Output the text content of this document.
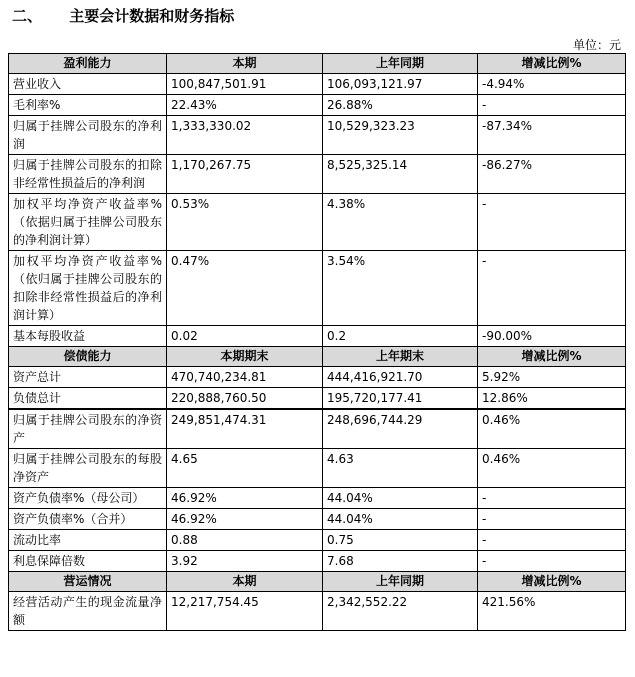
二、 主要会计数据和财务指标
单位：元
盈利能力	本期	上年同期	增减比例%
营业收入	100,847,501.91	106,093,121.97	-4.94%
毛利率%	22.43%	26.88%	-
归属于挂牌公司股东的净利润	1,333,330.02	10,529,323.23	-87.34%
归属于挂牌公司股东的扣除非经常性损益后的净利润	1,170,267.75	8,525,325.14	-86.27%
加权平均净资产收益率%（依据归属于挂牌公司股东的净利润计算）	0.53%	4.38%	-
加权平均净资产收益率%（依归属于挂牌公司股东的扣除非经常性损益后的净利润计算）	0.47%	3.54%	-
基本每股收益	0.02	0.2	-90.00%
偿债能力	本期期末	上年期末	增减比例%
资产总计	470,740,234.81	444,416,921.70	5.92%
负债总计	220,888,760.50	195,720,177.41	12.86%
归属于挂牌公司股东的净资产	249,851,474.31	248,696,744.29	0.46%
归属于挂牌公司股东的每股净资产	4.65	4.63	0.46%
资产负债率%（母公司）	46.92%	44.04%	-
资产负债率%（合并）	46.92%	44.04%	-
流动比率	0.88	0.75	-
利息保障倍数	3.92	7.68	-
营运情况	本期	上年同期	增减比例%
经营活动产生的现金流量净额	12,217,754.45	2,342,552.22	421.56%
